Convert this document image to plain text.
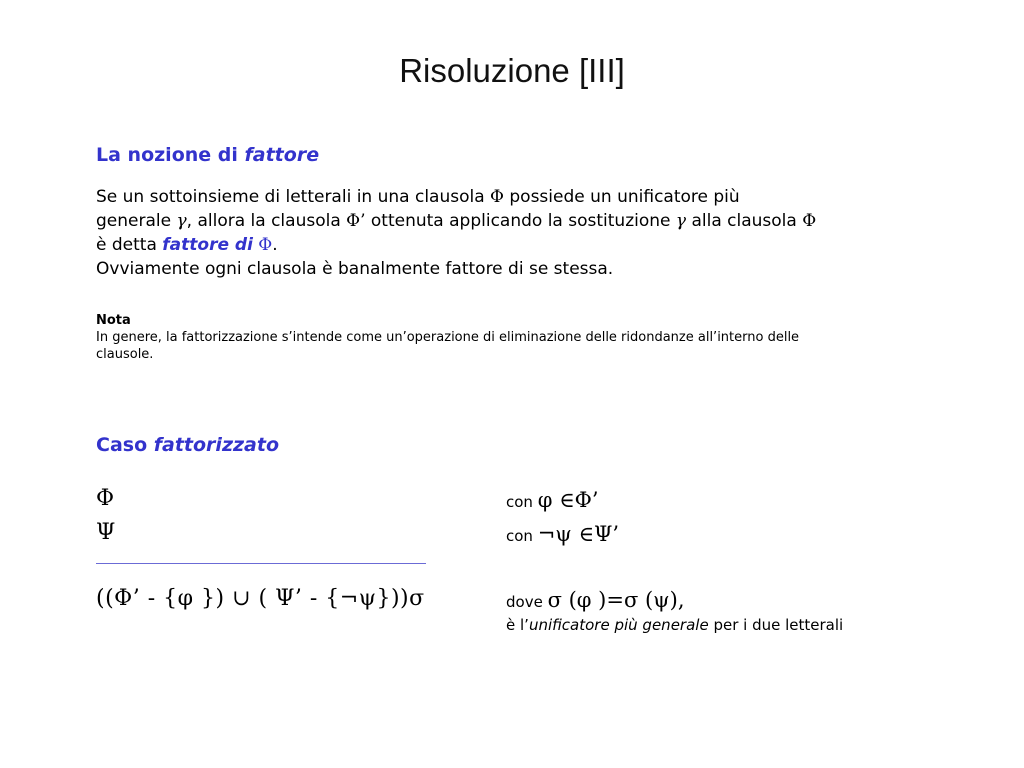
Risoluzione [III]
La nozione di fattore
Se un sottoinsieme di letterali in una clausola Φ possiede un unificatore più
generale γ, allora la clausola Φ’ ottenuta applicando la sostituzione γ alla clausola Φ
è detta fattore di Φ.
Ovviamente ogni clausola è banalmente fattore di se stessa.
Nota
In genere, la fattorizzazione s’intende come un’operazione di eliminazione delle ridondanze all’interno delle
clausole.
Caso fattorizzato
Φ	con φ ∈Φ’
Ψ	con ¬ψ ∈Ψ’
((Φ’ - {φ }) ∪ ( Ψ’ - {¬ψ}))σ	dove σ (φ )=σ (ψ),
è l’unificatore più generale per i due letterali
